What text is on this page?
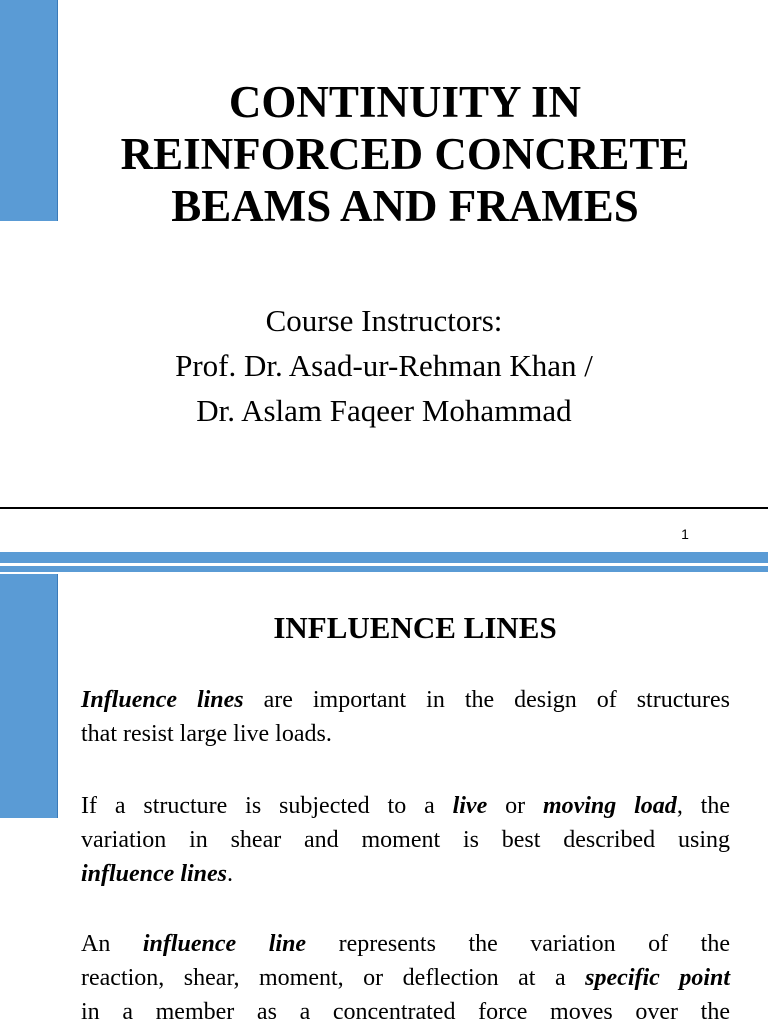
CONTINUITY IN
REINFORCED CONCRETE
BEAMS AND FRAMES
Course Instructors:
Prof. Dr. Asad-ur-Rehman Khan /
Dr. Aslam Faqeer Mohammad
1
INFLUENCE LINES
Influence lines are important in the design of structures
that resist large live loads.
If a structure is subjected to a live or moving load, the
variation in shear and moment is best described using
influence lines.
An influence line represents the variation of the
reaction, shear, moment, or deflection at a specific point
in a member as a concentrated force moves over the
